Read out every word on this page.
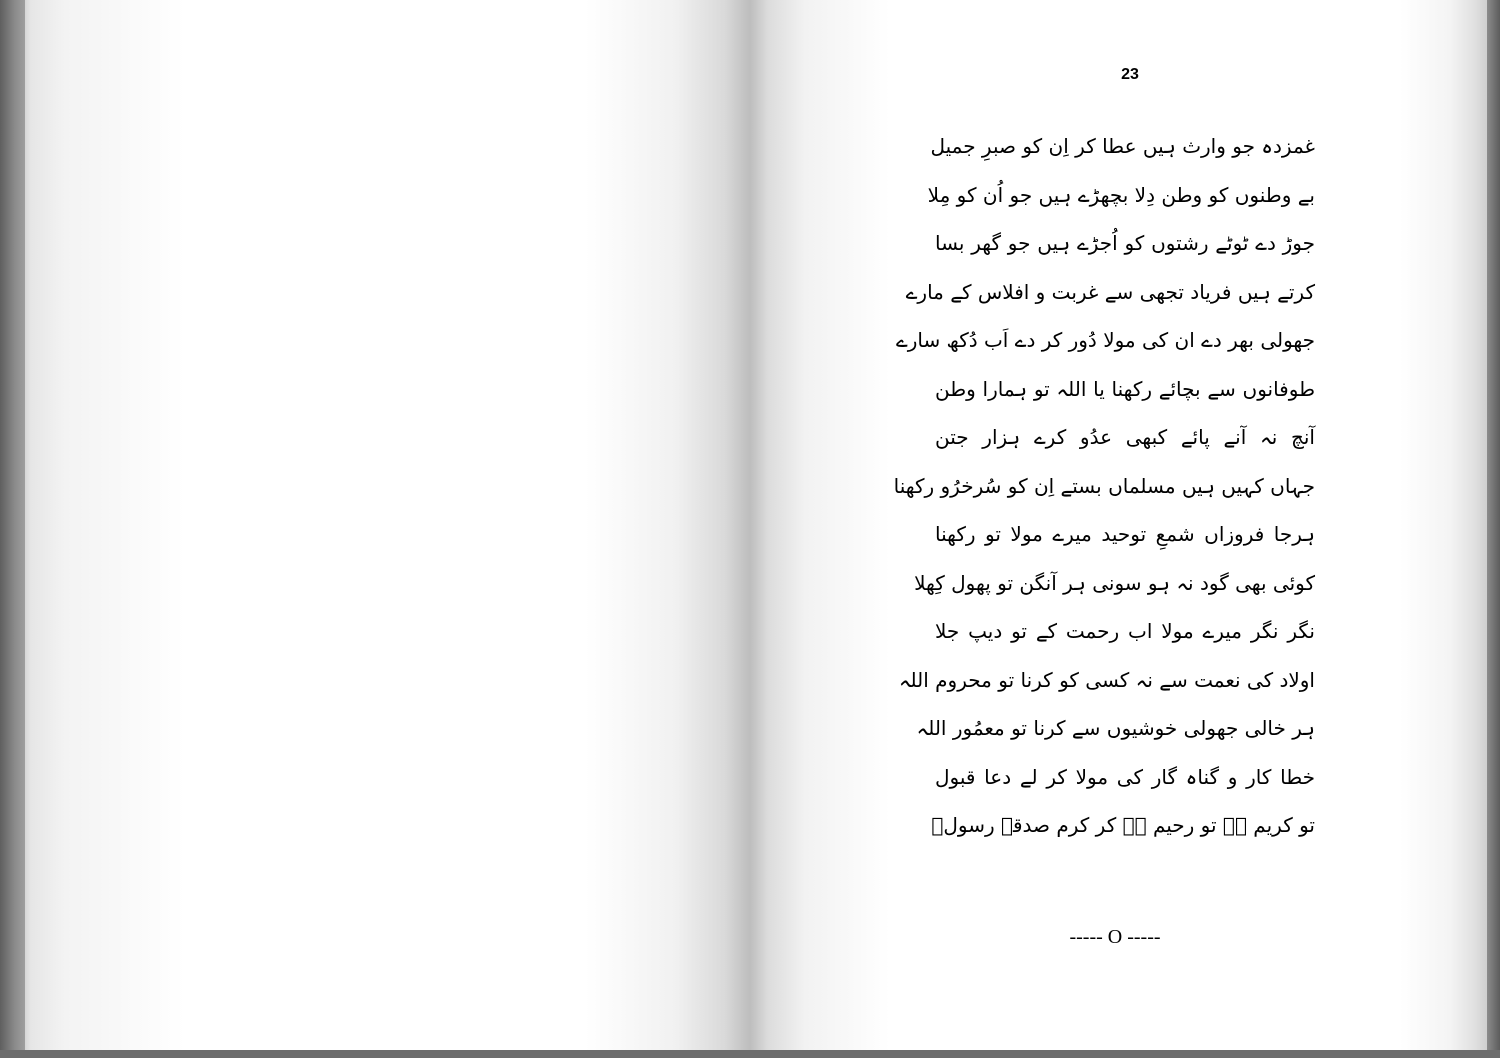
23
غمزدہ جو وارث ہیں عطا کر اِن کو صبرِ جمیل
بے وطنوں کو وطن دِلا بچھڑے ہیں جو اُن کو مِلا
جوڑ دے ٹوٹے رشتوں کو اُجڑے ہیں جو گھر بسا
کرتے ہیں فریاد تجھی سے غربت و افلاس کے مارے
جھولی بھر دے ان کی مولا دُور کر دے اَب دُکھ سارے
طوفانوں سے بچائے رکھنا یا اللہ تو ہمارا وطن
آنچ نہ آنے پائے کبھی عدُو کرے ہزار جتن
جہاں کہیں ہیں مسلماں بستے اِن کو سُرخرُو رکھنا
ہرجا فروزاں شمعِ توحید میرے مولا تو رکھنا
کوئی بھی گود نہ ہو سونی ہر آنگن تو پھول کِھلا
نگر نگر میرے مولا اب رحمت کے تو دیپ جلا
اولاد کی نعمت سے نہ کسی کو کرنا تو محروم اللہ
ہر خالی جھولی خوشیوں سے کرنا تو معمُور اللہ
خطا کار و گناہ گار کی مولا کر لے دعا قبول
تو کریم ہے تو رحیم ہے کر کرم صدقۂ رسولؐ
----- O -----
